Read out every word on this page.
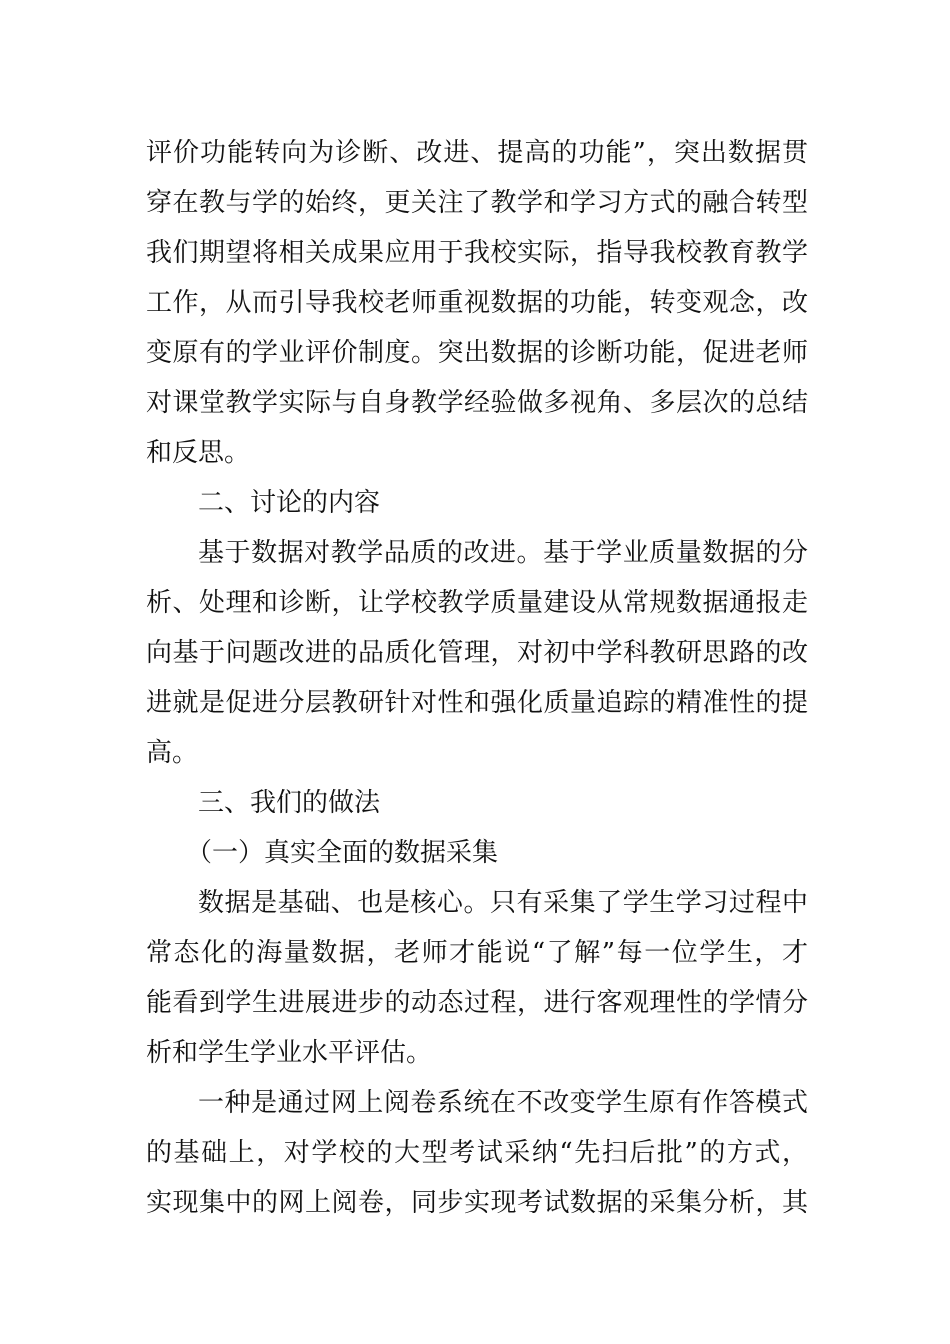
评价功能转向为诊断、改进、提高的功能”，突出数据贯
穿在教与学的始终，更关注了教学和学习方式的融合转型
我们期望将相关成果应用于我校实际，指导我校教育教学
工作，从而引导我校老师重视数据的功能，转变观念，改
变原有的学业评价制度。突出数据的诊断功能，促进老师
对课堂教学实际与自身教学经验做多视角、多层次的总结
和反思。
二、讨论的内容
基于数据对教学品质的改进。基于学业质量数据的分
析、处理和诊断，让学校教学质量建设从常规数据通报走
向基于问题改进的品质化管理，对初中学科教研思路的改
进就是促进分层教研针对性和强化质量追踪的精准性的提
高。
三、我们的做法
（一）真实全面的数据采集
数据是基础、也是核心。只有采集了学生学习过程中
常态化的海量数据，老师才能说“了解”每一位学生，才
能看到学生进展进步的动态过程，进行客观理性的学情分
析和学生学业水平评估。
一种是通过网上阅卷系统在不改变学生原有作答模式
的基础上，对学校的大型考试采纳“先扫后批”的方式，
实现集中的网上阅卷，同步实现考试数据的采集分析，其
